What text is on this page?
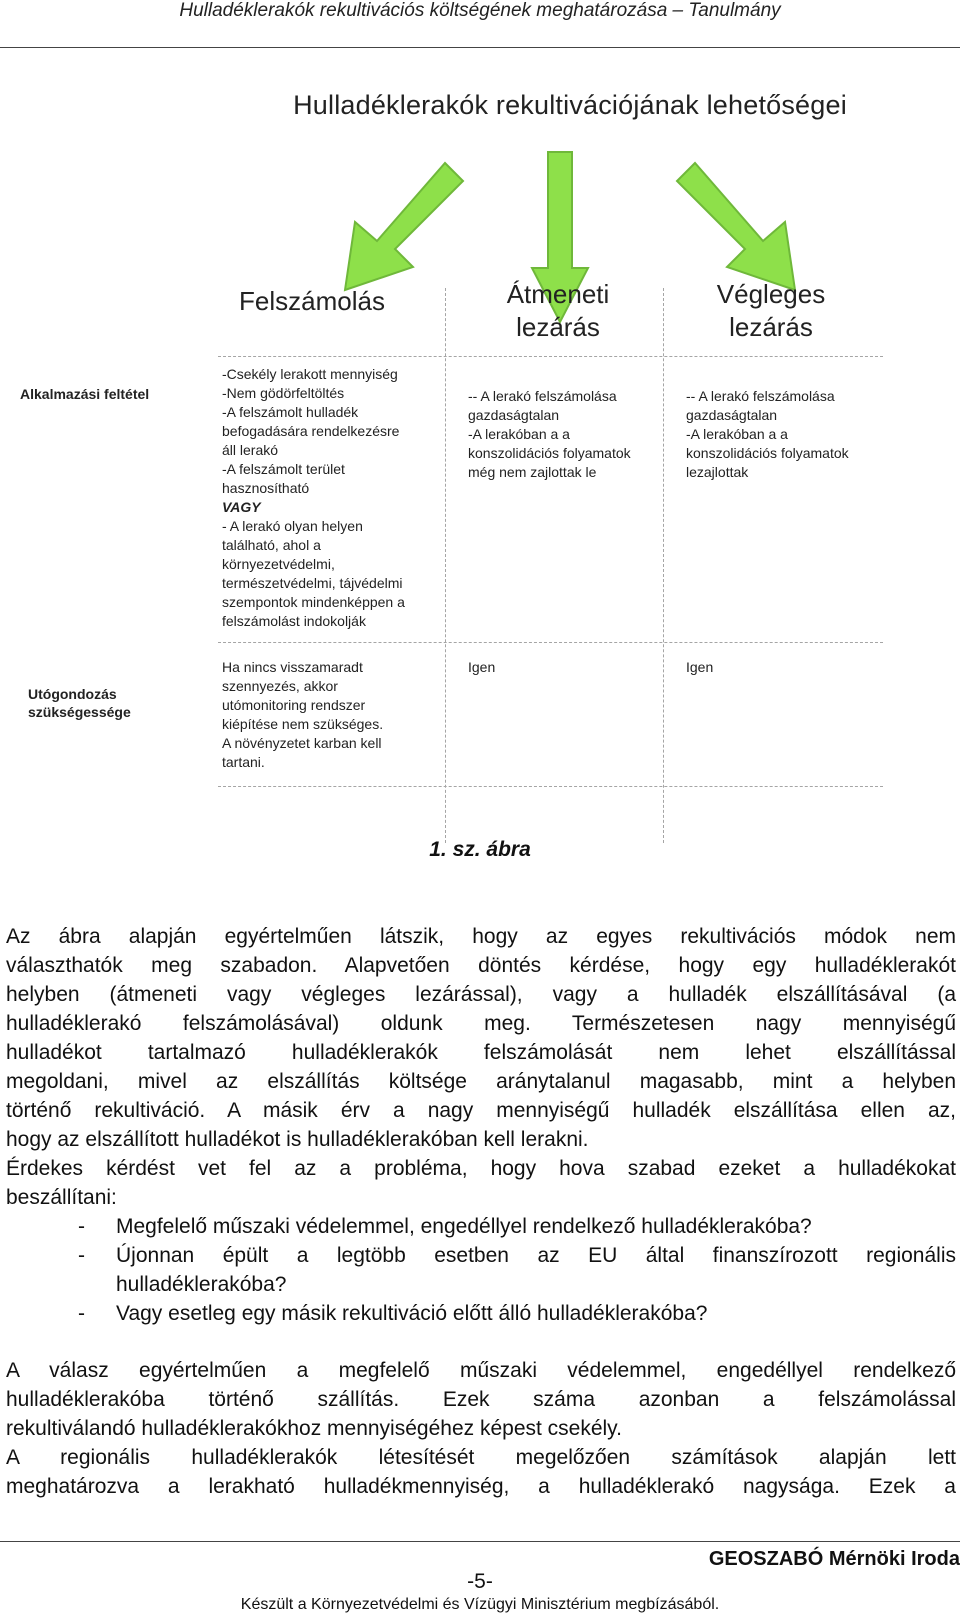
Hulladéklerakók rekultivációs költségének meghatározása – Tanulmány
Hulladéklerakók rekultivációjának lehetőségei
Felszámolás	Átmeneti
lezárás
Végleges
lezárás
Alkalmazási feltétel
Utógondozás
szükségessége
-Csekély lerakott mennyiség
-Nem gödörfeltöltés
-A felszámolt hulladék
befogadására rendelkezésre
áll lerakó
-A felszámolt terület
hasznosítható
VAGY
- A lerakó olyan helyen
található, ahol a
környezetvédelmi,
természetvédelmi, tájvédelmi
szempontok mindenképpen a
felszámolást indokolják
-- A lerakó felszámolása
gazdaságtalan
-A lerakóban a a
konszolidációs folyamatok
még nem zajlottak le
-- A lerakó felszámolása
gazdaságtalan
-A lerakóban a a
konszolidációs folyamatok
lezajlottak
Ha nincs visszamaradt
szennyezés, akkor
utómonitoring rendszer
kiépítése nem szükséges.
A növényzetet karban kell
tartani.
Igen	Igen
1. sz. ábra

Az ábra alapján egyértelműen látszik, hogy az egyes rekultivációs módok nem
választhatók meg szabadon. Alapvetően döntés kérdése, hogy egy hulladéklerakót
helyben (átmeneti vagy végleges lezárással), vagy a hulladék elszállításával (a
hulladéklerakó felszámolásával) oldunk meg. Természetesen nagy mennyiségű
hulladékot tartalmazó hulladéklerakók felszámolását nem lehet elszállítással
megoldani, mivel az elszállítás költsége aránytalanul magasabb, mint a helyben
történő rekultiváció. A másik érv a nagy mennyiségű hulladék elszállítása ellen az,
hogy az elszállított hulladékot is hulladéklerakóban kell lerakni.

Érdekes kérdést vet fel az a probléma, hogy hova szabad ezeket a hulladékokat
beszállítani:

- Megfelelő műszaki védelemmel, engedéllyel rendelkező hulladéklerakóba?
- Újonnan épült a legtöbb esetben az EU által finanszírozott regionális
hulladéklerakóba?
- Vagy esetleg egy másik rekultiváció előtt álló hulladéklerakóba?

A válasz egyértelműen a megfelelő műszaki védelemmel, engedéllyel rendelkező
hulladéklerakóba történő szállítás. Ezek száma azonban a felszámolással
rekultiválandó hulladéklerakókhoz mennyiségéhez képest csekély.

A regionális hulladéklerakók létesítését megelőzően számítások alapján lett
meghatározva a lerakható hulladékmennyiség, a hulladéklerakó nagysága. Ezek a

GEOSZABÓ Mérnöki Iroda
-5-
Készült a Környezetvédelmi és Vízügyi Minisztérium megbízásából.
